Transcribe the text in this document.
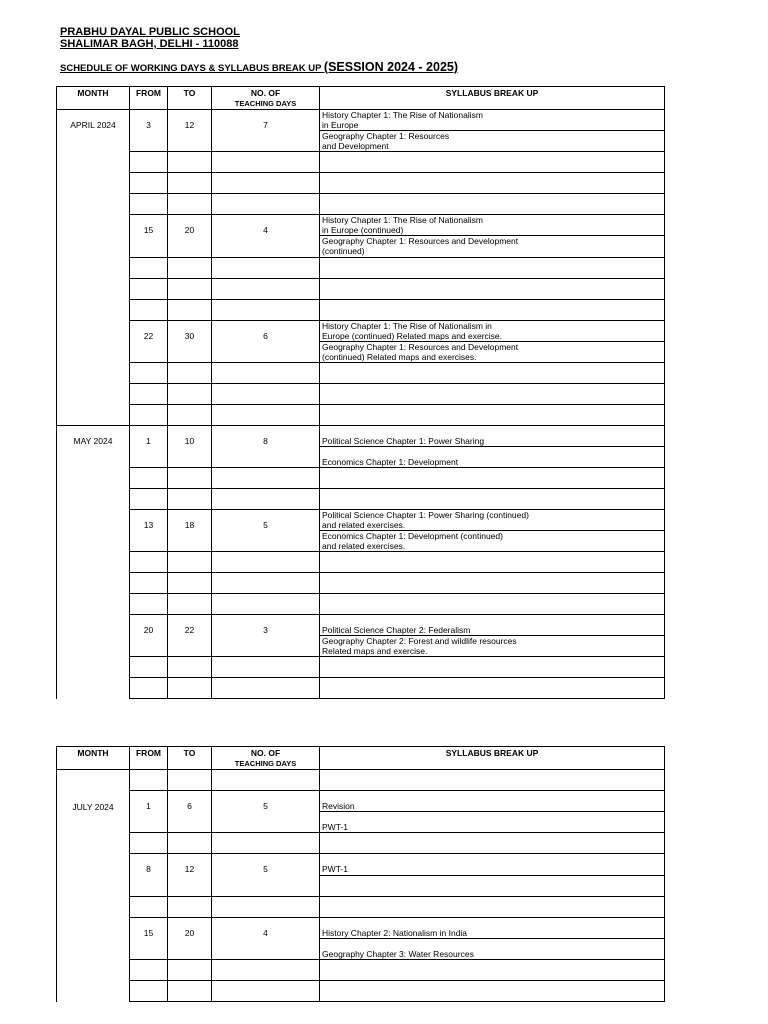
PRABHU DAYAL PUBLIC SCHOOL
SHALIMAR BAGH, DELHI - 110088
SCHEDULE OF WORKING DAYS & SYLLABUS BREAK UP (SESSION 2024 - 2025)
MONTH	FROM	TO	NO. OF
TEACHING DAYS	SYLLABUS BREAK UP

APRIL 2024	3	12	7	History Chapter 1: The Rise of Nationalism
in Europe
				Geography Chapter 1: Resources
and Development

	15	20	4	History Chapter 1: The Rise of Nationalism
in Europe (continued)
				Geography Chapter 1: Resources and Development
(continued)

	22	30	6	History Chapter 1: The Rise of Nationalism in
Europe (continued) Related maps and exercise.
				Geography Chapter 1: Resources and Development
(continued) Related maps and exercises.

MAY 2024	1	10	8	Political Science Chapter 1: Power Sharing
				Economics Chapter 1: Development

	13	18	5	Political Science Chapter 1: Power Sharing (continued)
and related exercises.
				Economics Chapter 1: Development (continued)
and related exercises.

	20	22	3	Political Science Chapter 2: Federalism
				Geography Chapter 2: Forest and wildlife resources
Related maps and exercise.

MONTH	FROM	TO	NO. OF
TEACHING DAYS	SYLLABUS BREAK UP
JULY 2024				

	1	6	5	Revision
				PWT-1

	8	12	5	PWT-1

	15	20	4	History Chapter 2: Nationalism in India
				Geography Chapter 3: Water Resources
